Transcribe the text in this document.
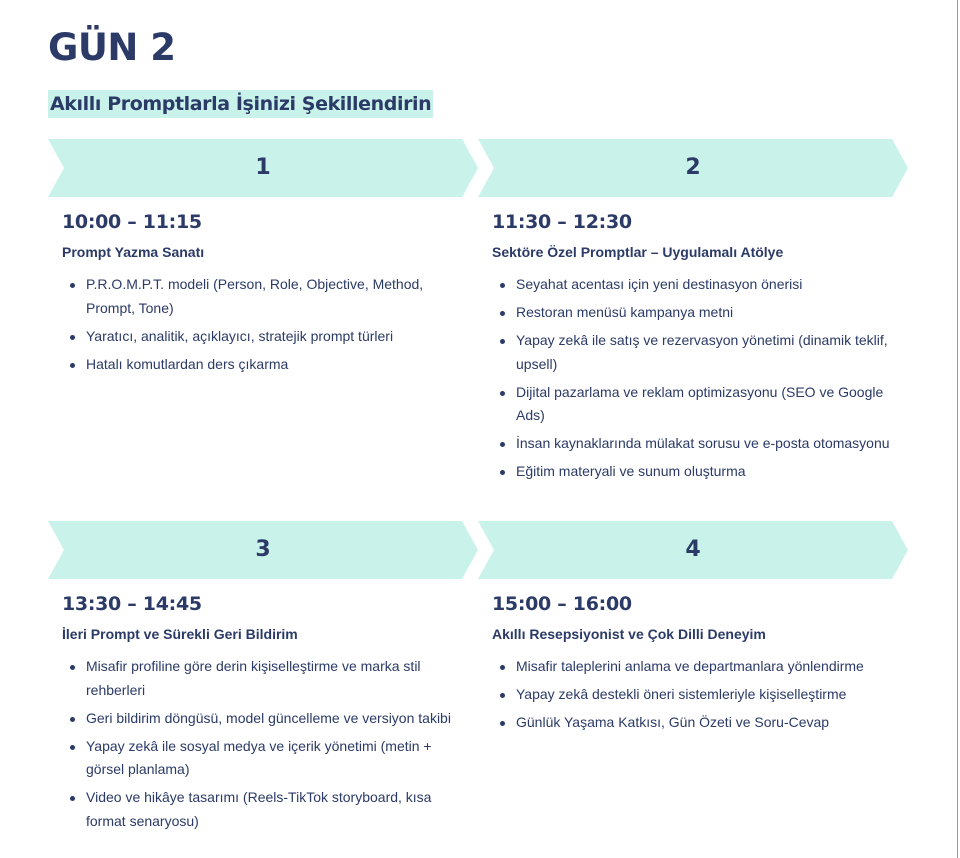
GÜN 2
Akıllı Promptlarla İşinizi Şekillendirin
1
10:00 – 11:15
Prompt Yazma Sanatı
P.R.O.M.P.T. modeli (Person, Role, Objective, Method, Prompt, Tone)
Yaratıcı, analitik, açıklayıcı, stratejik prompt türleri
Hatalı komutlardan ders çıkarma
2
11:30 – 12:30
Sektöre Özel Promptlar – Uygulamalı Atölye
Seyahat acentası için yeni destinasyon önerisi
Restoran menüsü kampanya metni
Yapay zekâ ile satış ve rezervasyon yönetimi (dinamik teklif, upsell)
Dijital pazarlama ve reklam optimizasyonu (SEO ve Google Ads)
İnsan kaynaklarında mülakat sorusu ve e-posta otomasyonu
Eğitim materyali ve sunum oluşturma
3
13:30 – 14:45
İleri Prompt ve Sürekli Geri Bildirim
Misafir profiline göre derin kişiselleştirme ve marka stil rehberleri
Geri bildirim döngüsü, model güncelleme ve versiyon takibi
Yapay zekâ ile sosyal medya ve içerik yönetimi (metin + görsel planlama)
Video ve hikâye tasarımı (Reels-TikTok storyboard, kısa format senaryosu)
4
15:00 – 16:00
Akıllı Resepsiyonist ve Çok Dilli Deneyim
Misafir taleplerini anlama ve departmanlara yönlendirme
Yapay zekâ destekli öneri sistemleriyle kişiselleştirme
Günlük Yaşama Katkısı, Gün Özeti ve Soru-Cevap
